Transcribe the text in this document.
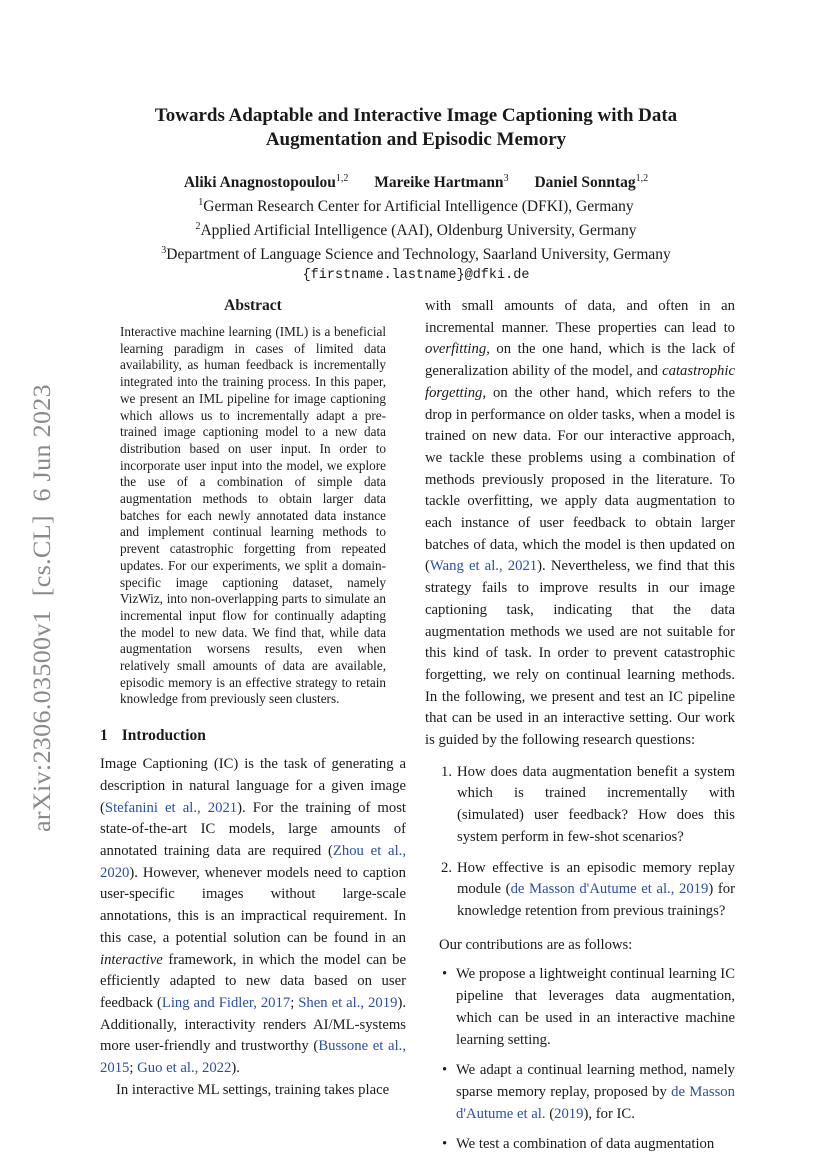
arXiv:2306.03500v1  [cs.CL]  6 Jun 2023
Towards Adaptable and Interactive Image Captioning with Data Augmentation and Episodic Memory
Aliki Anagnostopoulou$^{1,2}$ Mareike Hartmann$^3$ Daniel Sonntag$^{1,2}$
$^1$German Research Center for Artificial Intelligence (DFKI), Germany
$^2$Applied Artificial Intelligence (AAI), Oldenburg University, Germany
$^3$Department of Language Science and Technology, Saarland University, Germany
{firstname.lastname}@dfki.de
Abstract

Interactive machine learning (IML) is a beneficial learning paradigm in cases of limited data availability, as human feedback is incrementally integrated into the training process. In this paper, we present an IML pipeline for image captioning which allows us to incrementally adapt a pre-trained image captioning model to a new data distribution based on user input. In order to incorporate user input into the model, we explore the use of a combination of simple data augmentation methods to obtain larger data batches for each newly annotated data instance and implement continual learning methods to prevent catastrophic forgetting from repeated updates. For our experiments, we split a domain-specific image captioning dataset, namely VizWiz, into non-overlapping parts to simulate an incremental input flow for continually adapting the model to new data. We find that, while data augmentation worsens results, even when relatively small amounts of data are available, episodic memory is an effective strategy to retain knowledge from previously seen clusters.

1 Introduction

Image Captioning (IC) is the task of generating a description in natural language for a given image (Stefanini et al., 2021). For the training of most state-of-the-art IC models, large amounts of annotated training data are required (Zhou et al., 2020). However, whenever models need to caption user-specific images without large-scale annotations, this is an impractical requirement. In this case, a potential solution can be found in an interactive framework, in which the model can be efficiently adapted to new data based on user feedback (Ling and Fidler, 2017; Shen et al., 2019). Additionally, interactivity renders AI/ML-systems more user-friendly and trustworthy (Bussone et al., 2015; Guo et al., 2022).

In interactive ML settings, training takes place

with small amounts of data, and often in an incremental manner. These properties can lead to overfitting, on the one hand, which is the lack of generalization ability of the model, and catastrophic forgetting, on the other hand, which refers to the drop in performance on older tasks, when a model is trained on new data. For our interactive approach, we tackle these problems using a combination of methods previously proposed in the literature. To tackle overfitting, we apply data augmentation to each instance of user feedback to obtain larger batches of data, which the model is then updated on (Wang et al., 2021). Nevertheless, we find that this strategy fails to improve results in our image captioning task, indicating that the data augmentation methods we used are not suitable for this kind of task. In order to prevent catastrophic forgetting, we rely on continual learning methods. In the following, we present and test an IC pipeline that can be used in an interactive setting. Our work is guided by the following research questions:

1. How does data augmentation benefit a system which is trained incrementally with (simulated) user feedback? How does this system perform in few-shot scenarios?
2. How effective is an episodic memory replay module (de Masson d'Autume et al., 2019) for knowledge retention from previous trainings?

Our contributions are as follows:

• We propose a lightweight continual learning IC pipeline that leverages data augmentation, which can be used in an interactive machine learning setting.
• We adapt a continual learning method, namely sparse memory replay, proposed by de Masson d'Autume et al. (2019), for IC.
• We test a combination of data augmentation
